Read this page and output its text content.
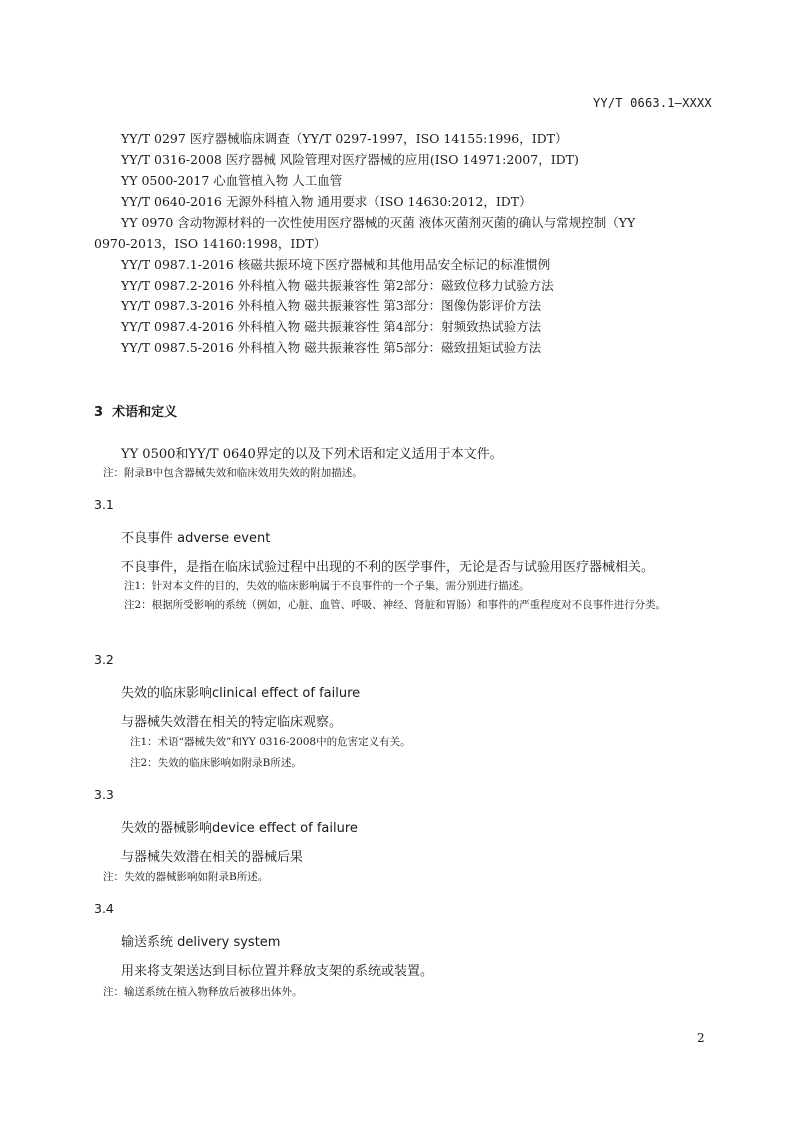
YY/T 0663.1—XXXX
YY/T 0297 医疗器械临床调查（YY/T 0297-1997，ISO 14155:1996，IDT）
YY/T 0316-2008 医疗器械 风险管理对医疗器械的应用(ISO 14971:2007，IDT)
YY 0500-2017 心血管植入物 人工血管
YY/T 0640-2016 无源外科植入物 通用要求（ISO 14630:2012，IDT）
YY 0970 含动物源材料的一次性使用医疗器械的灭菌 液体灭菌剂灭菌的确认与常规控制（YY
0970-2013，ISO 14160:1998，IDT）
YY/T 0987.1-2016 核磁共振环境下医疗器械和其他用品安全标记的标准惯例
YY/T 0987.2-2016 外科植入物 磁共振兼容性 第2部分：磁致位移力试验方法
YY/T 0987.3-2016 外科植入物 磁共振兼容性 第3部分：图像伪影评价方法
YY/T 0987.4-2016 外科植入物 磁共振兼容性 第4部分：射频致热试验方法
YY/T 0987.5-2016 外科植入物 磁共振兼容性 第5部分：磁致扭矩试验方法
3  术语和定义
YY 0500和YY/T 0640界定的以及下列术语和定义适用于本文件。
注：附录B中包含器械失效和临床效用失效的附加描述。
3.1
不良事件 adverse event
不良事件，是指在临床试验过程中出现的不利的医学事件，无论是否与试验用医疗器械相关。
注1：针对本文件的目的，失效的临床影响属于不良事件的一个子集，需分别进行描述。
注2：根据所受影响的系统（例如，心脏、血管、呼吸、神经、肾脏和胃肠）和事件的严重程度对不良事件进行分类。
3.2
失效的临床影响clinical effect of failure
与器械失效潜在相关的特定临床观察。
注1：术语“器械失效”和YY 0316-2008中的危害定义有关。
注2：失效的临床影响如附录B所述。
3.3
失效的器械影响device effect of failure
与器械失效潜在相关的器械后果
注：失效的器械影响如附录B所述。
3.4
输送系统 delivery system
用来将支架送达到目标位置并释放支架的系统或装置。
注：输送系统在植入物释放后被移出体外。
2
